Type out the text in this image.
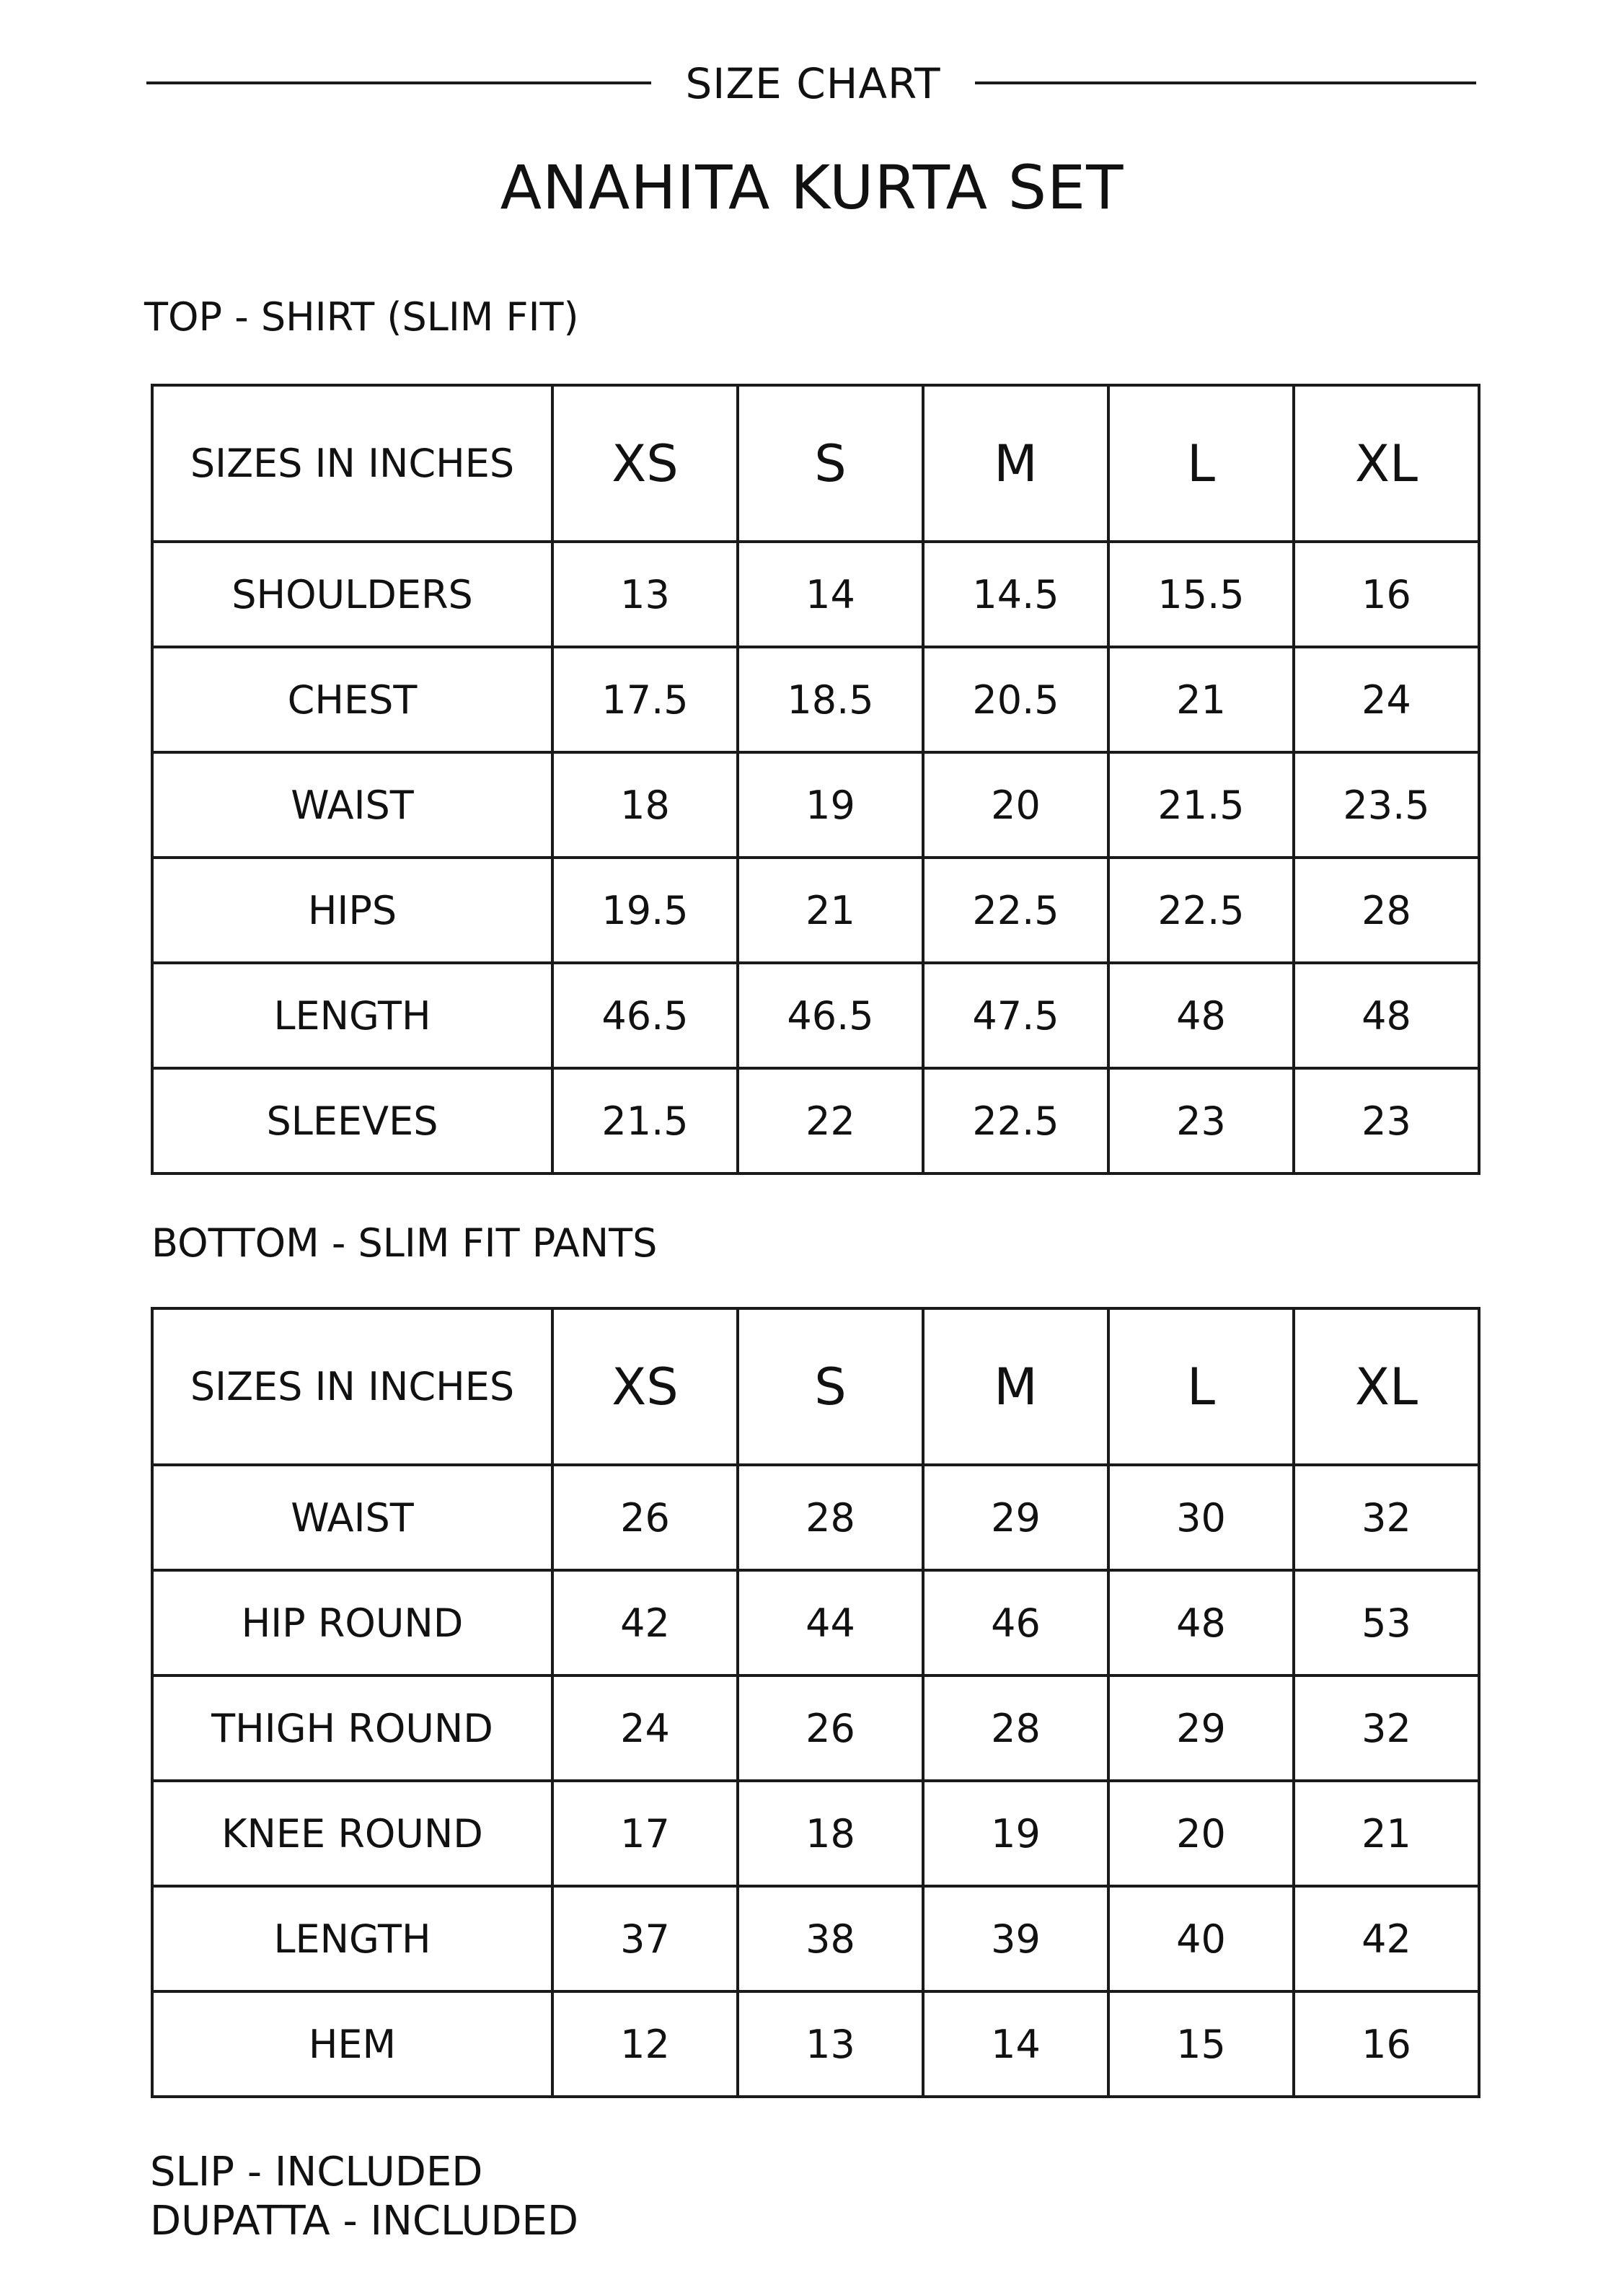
SIZE CHART
ANAHITA KURTA SET
TOP - SHIRT (SLIM FIT)
SIZES IN INCHES	XS	S	M	L	XL
SHOULDERS	13	14	14.5	15.5	16
CHEST	17.5	18.5	20.5	21	24
WAIST	18	19	20	21.5	23.5
HIPS	19.5	21	22.5	22.5	28
LENGTH	46.5	46.5	47.5	48	48
SLEEVES	21.5	22	22.5	23	23
BOTTOM - SLIM FIT PANTS
SIZES IN INCHES	XS	S	M	L	XL
WAIST	26	28	29	30	32
HIP ROUND	42	44	46	48	53
THIGH ROUND	24	26	28	29	32
KNEE ROUND	17	18	19	20	21
LENGTH	37	38	39	40	42
HEM	12	13	14	15	16
SLIP - INCLUDED
DUPATTA - INCLUDED
